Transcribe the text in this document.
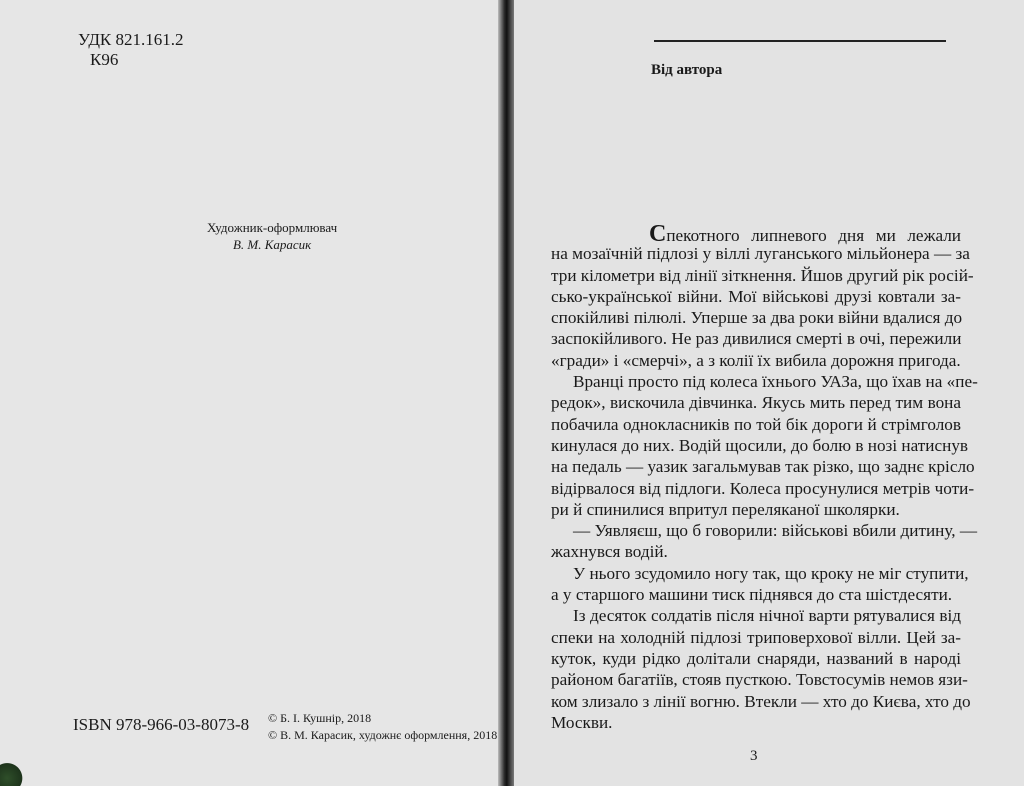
УДК 821.161.2
К96
Художник-оформлювач
В. М. Карасик
ISBN 978-966-03-8073-8 © Б. І. Кушнір, 2018
© В. М. Карасик, художнє оформлення, 2018
Від автора
Спекотного липневого дня ми лежали
на мозаїчній підлозі у віллі луганського мільйонера — за
три кілометри від лінії зіткнення. Йшов другий рік росій-
сько-української війни. Мої військові друзі ковтали за-
спокійливі пілюлі. Уперше за два роки війни вдалися до
заспокійливого. Не раз дивилися смерті в очі, пережили
«гради» і «смерчі», а з колії їх вибила дорожня пригода.
Вранці просто під колеса їхнього УАЗа, що їхав на «пе-
редок», вискочила дівчинка. Якусь мить перед тим вона
побачила однокласників по той бік дороги й стрімголов
кинулася до них. Водій щосили, до болю в нозі натиснув
на педаль — уазик загальмував так різко, що заднє крісло
відірвалося від підлоги. Колеса просунулися метрів чоти-
ри й спинилися впритул переляканої школярки.
— Уявляєш, що б говорили: військові вбили дитину, —
жахнувся водій.
У нього зсудомило ногу так, що кроку не міг ступити,
а у старшого машини тиск піднявся до ста шістдесяти.
Із десяток солдатів після нічної варти рятувалися від
спеки на холодній підлозі триповерхової вілли. Цей за-
куток, куди рідко долітали снаряди, названий в народі
районом багатіїв, стояв пусткою. Товстосумів немов язи-
ком злизало з лінії вогню. Втекли — хто до Києва, хто до
Москви.
3
